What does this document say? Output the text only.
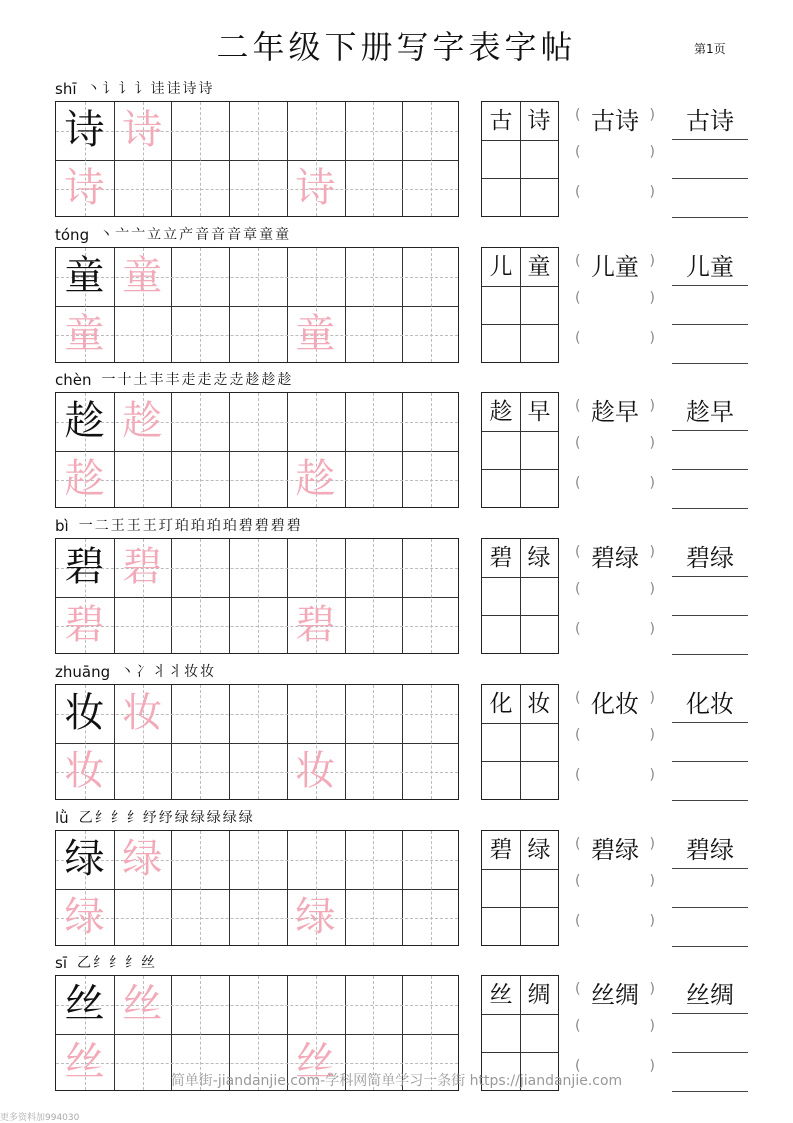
二年级下册写字表字帖	第1页
shī 丶 讠 讠 讠 诖 诖 诗 诗
诗 诗
诗	诗
古 诗	古诗
(	)
(	)
(	)
古诗
tóng 丶 亠 亠 立 立 产 音 音 音 章 童 童
童 童
童	童
儿 童	儿童
(	)
(	)
(	)
儿童
chèn 一 十 土 丰 丰 走 走 赱 赱 趁 趁 趁
趁 趁
趁	趁
趁 早	趁早
(	)
(	)
(	)
趁早
bì 一 二 王 王 王 玎 珀 珀 珀 珀 碧 碧 碧 碧
碧 碧
碧	碧
碧 绿	碧绿
(	)
(	)
(	)
碧绿
zhuāng 丶 冫 丬 丬 妆 妆
妆 妆
妆	妆
化 妆	化妆
(	)
(	)
(	)
化妆
lǜ 乙 纟 纟 纟 纾 纾 绿 绿 绿 绿 绿
绿 绿
绿	绿
碧 绿	碧绿
(	)
(	)
(	)
碧绿
sī 乙 纟 纟 纟 丝
丝 丝
丝	丝
丝 绸	丝绸
(	)
(	)
(	)
丝绸
简单街-jiandanjie.com-学科网简单学习一条街 https://jiandanjie.com
更多资料加994030
